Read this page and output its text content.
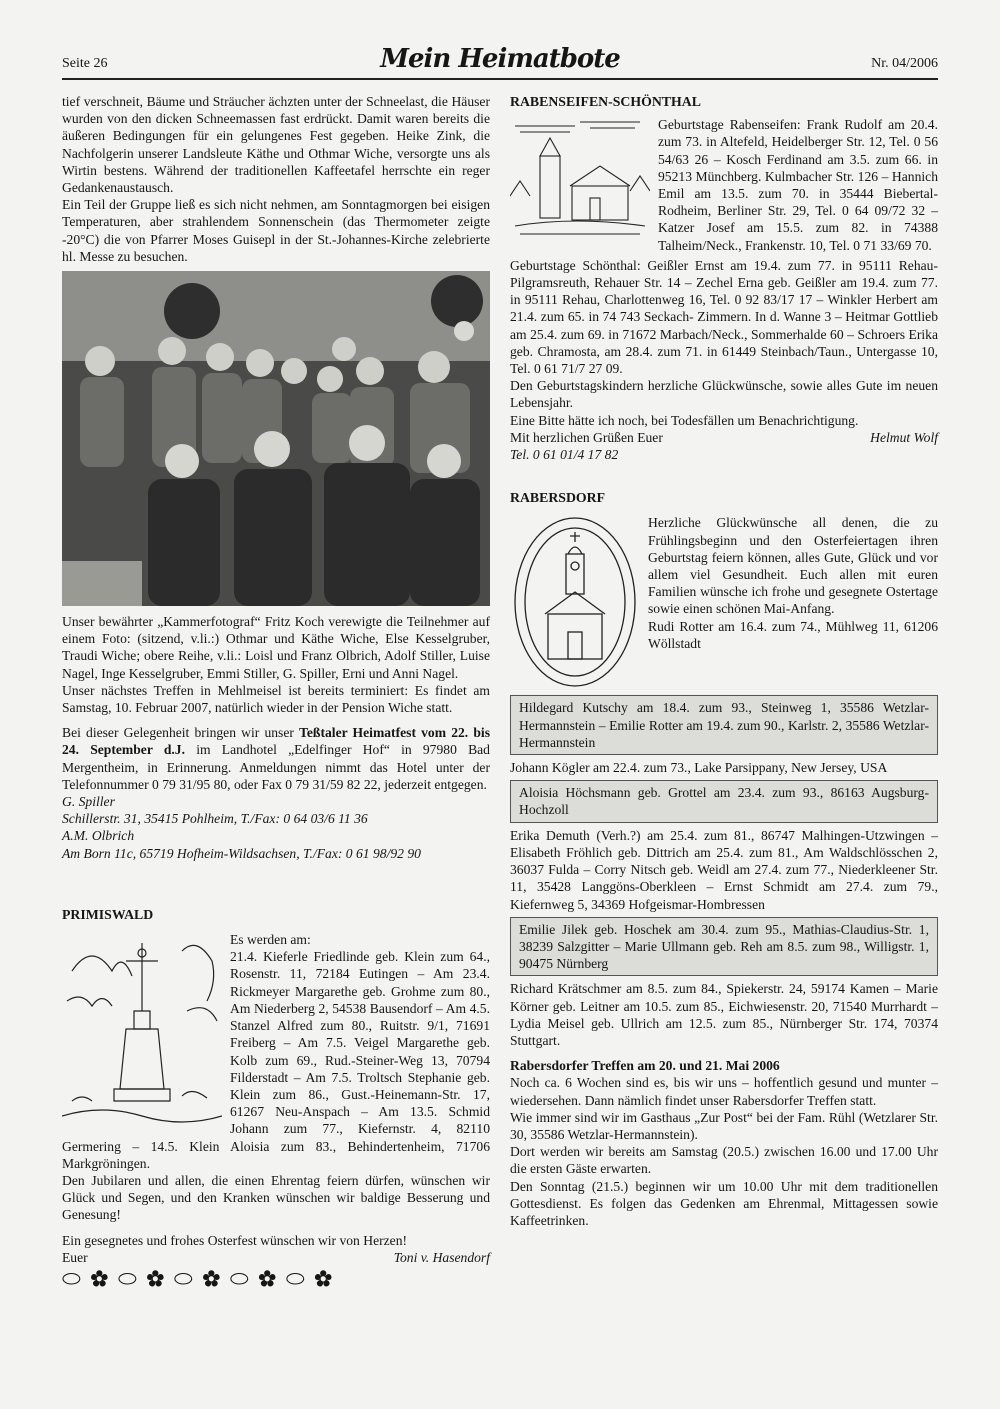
Seite 26	Mein Heimatbote	Nr. 04/2006

tief verschneit, Bäume und Sträucher ächzten unter der Schneelast, die Häuser wurden von den dicken Schneemassen fast erdrückt. Damit waren bereits die äußeren Bedingungen für ein gelungenes Fest gegeben. Heike Zink, die Nachfolgerin unserer Landsleute Käthe und Othmar Wiche, versorgte uns als Wirtin bestens. Während der traditionellen Kaffeetafel herrschte ein reger Gedankenaustausch.

Ein Teil der Gruppe ließ es sich nicht nehmen, am Sonntagmorgen bei eisigen Temperaturen, aber strahlendem Sonnenschein (das Thermometer zeigte -20°C) die von Pfarrer Moses Guisepl in der St.-Johannes-Kirche zelebrierte hl. Messe zu besuchen.

Unser bewährter „Kammerfotograf“ Fritz Koch verewigte die Teilnehmer auf einem Foto: (sitzend, v.li.:) Othmar und Käthe Wiche, Else Kesselgruber, Traudi Wiche; obere Reihe, v.li.: Loisl und Franz Olbrich, Adolf Stiller, Luise Nagel, Inge Kesselgruber, Emmi Stiller, G. Spiller, Erni und Anni Nagel.

Unser nächstes Treffen in Mehlmeisel ist bereits terminiert: Es findet am Samstag, 10. Februar 2007, natürlich wieder in der Pension Wiche statt.

Bei dieser Gelegenheit bringen wir unser Teßtaler Heimatfest vom 22. bis 24. September d.J. im Landhotel „Edelfinger Hof“ in 97980 Bad Mergentheim, in Erinnerung. Anmeldungen nimmt das Hotel unter der Telefonnummer 0 79 31/95 80, oder Fax 0 79 31/59 82 22, jederzeit entgegen.

G. Spiller

Schillerstr. 31, 35415 Pohlheim, T./Fax: 0 64 03/6 11 36

A.M. Olbrich

Am Born 11c, 65719 Hofheim-Wildsachsen, T./Fax: 0 61 98/92 90

PRIMISWALD

Es werden am:

21.4. Kieferle Friedlinde geb. Klein zum 64., Rosenstr. 11, 72184 Eutingen – Am 23.4. Rickmeyer Margarethe geb. Grohme zum 80., Am Niederberg 2, 54538 Bausendorf – Am 4.5. Stanzel Alfred zum 80., Ruitstr. 9/1, 71691 Freiberg – Am 7.5. Veigel Margarethe geb. Kolb zum 69., Rud.-Steiner-Weg 13, 70794 Filderstadt – Am 7.5. Troltsch Stephanie geb. Klein zum 86., Gust.-Heinemann-Str. 17, 61267 Neu-Anspach – Am 13.5. Schmid Johann zum 77., Kiefernstr. 4, 82110 Germering – 14.5. Klein Aloisia zum 83., Behindertenheim, 71706 Markgröningen.

Den Jubilaren und allen, die einen Ehrentag feiern dürfen, wünschen wir Glück und Segen, und den Kranken wünschen wir baldige Besserung und Genesung!

Ein gesegnetes und frohes Osterfest wünschen wir von Herzen!

Euer	Toni v. Hasendorf

⬭ ✿ ⬭ ✿ ⬭ ✿ ⬭ ✿ ⬭ ✿

RABENSEIFEN-SCHÖNTHAL

Geburtstage Rabenseifen: Frank Rudolf am 20.4. zum 73. in Altefeld, Heidelberger Str. 12, Tel. 0 56 54/63 26 – Kosch Ferdinand am 3.5. zum 66. in 95213 Münchberg. Kulmbacher Str. 126 – Hannich Emil am 13.5. zum 70. in 35444 Biebertal-Rodheim, Berliner Str. 29, Tel. 0 64 09/72 32 – Katzer Josef am 15.5. zum 82. in 74388 Talheim/Neck., Frankenstr. 10, Tel. 0 71 33/69 70.

Geburtstage Schönthal: Geißler Ernst am 19.4. zum 77. in 95111 Rehau-Pilgramsreuth, Rehauer Str. 14 – Zechel Erna geb. Geißler am 19.4. zum 77. in 95111 Rehau, Charlottenweg 16, Tel. 0 92 83/17 17 – Winkler Herbert am 21.4. zum 65. in 74 743 Seckach- Zimmern. In d. Wanne 3 – Heitmar Gottlieb am 25.4. zum 69. in 71672 Marbach/Neck., Sommerhalde 60 – Schroers Erika geb. Chramosta, am 28.4. zum 71. in 61449 Steinbach/Taun., Untergasse 10, Tel. 0 61 71/7 27 09.

Den Geburtstagskindern herzliche Glückwünsche, sowie alles Gute im neuen Lebensjahr.

Eine Bitte hätte ich noch, bei Todesfällen um Benachrichtigung.

Mit herzlichen Grüßen Euer	Helmut Wolf

Tel. 0 61 01/4 17 82

RABERSDORF

Herzliche Glückwünsche all denen, die zu Frühlingsbeginn und den Osterfeiertagen ihren Geburtstag feiern können, alles Gute, Glück und vor allem viel Gesundheit. Euch allen mit euren Familien wünsche ich frohe und gesegnete Ostertage sowie einen schönen Mai-Anfang.

Rudi Rotter am 16.4. zum 74., Mühlweg 11, 61206 Wöllstadt

Hildegard Kutschy am 18.4. zum 93., Steinweg 1, 35586 Wetzlar-Hermannstein – Emilie Rotter am 19.4. zum 90., Karlstr. 2, 35586 Wetzlar-Hermannstein

Johann Kögler am 22.4. zum 73., Lake Parsippany, New Jersey, USA

Aloisia Höchsmann geb. Grottel am 23.4. zum 93., 86163 Augsburg-Hochzoll

Erika Demuth (Verh.?) am 25.4. zum 81., 86747 Malhingen-Utzwingen – Elisabeth Fröhlich geb. Dittrich am 25.4. zum 81., Am Waldschlösschen 2, 36037 Fulda – Corry Nitsch geb. Weidl am 27.4. zum 77., Niederkleener Str. 11, 35428 Langgöns-Oberkleen – Ernst Schmidt am 27.4. zum 79., Kiefernweg 5, 34369 Hofgeismar-Hombressen

Emilie Jilek geb. Hoschek am 30.4. zum 95., Mathias-Claudius-Str. 1, 38239 Salzgitter – Marie Ullmann geb. Reh am 8.5. zum 98., Willigstr. 1, 90475 Nürnberg

Richard Krätschmer am 8.5. zum 84., Spiekerstr. 24, 59174 Kamen – Marie Körner geb. Leitner am 10.5. zum 85., Eichwiesenstr. 20, 71540 Murrhardt – Lydia Meisel geb. Ullrich am 12.5. zum 85., Nürnberger Str. 174, 70374 Stuttgart.

Rabersdorfer Treffen am 20. und 21. Mai 2006

Noch ca. 6 Wochen sind es, bis wir uns – hoffentlich gesund und munter – wiedersehen. Dann nämlich findet unser Rabersdorfer Treffen statt.

Wie immer sind wir im Gasthaus „Zur Post“ bei der Fam. Rühl (Wetzlarer Str. 30, 35586 Wetzlar-Hermannstein).

Dort werden wir bereits am Samstag (20.5.) zwischen 16.00 und 17.00 Uhr die ersten Gäste erwarten.

Den Sonntag (21.5.) beginnen wir um 10.00 Uhr mit dem traditionellen Gottesdienst. Es folgen das Gedenken am Ehrenmal, Mittagessen sowie Kaffeetrinken.
